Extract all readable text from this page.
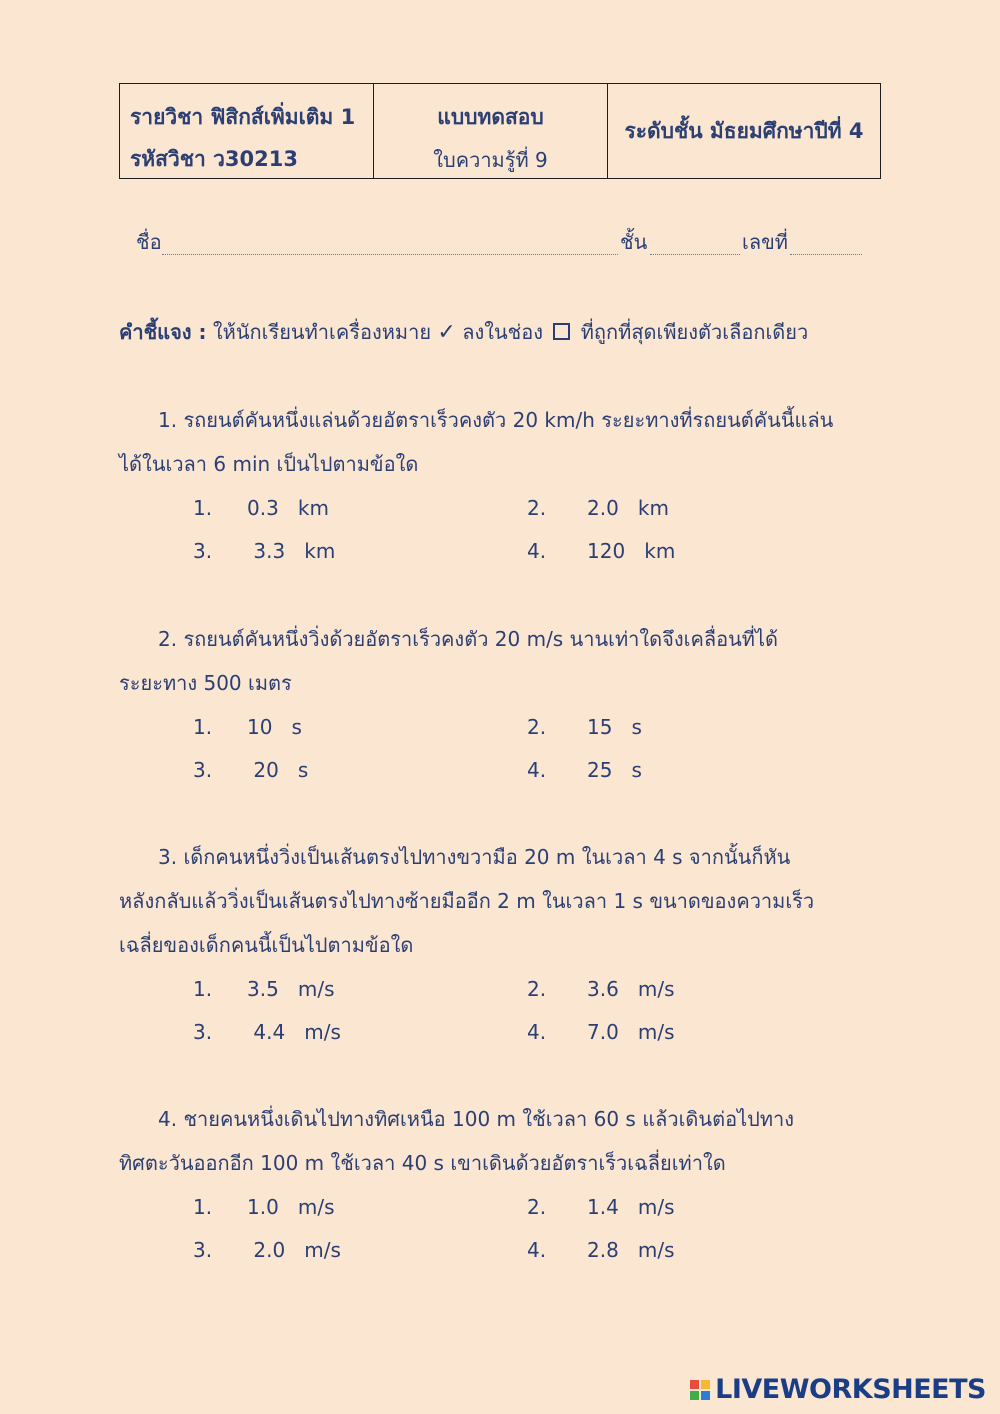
รายวิชา ฟิสิกส์เพิ่มเติม 1
รหัสวิชา ว30213
แบบทดสอบ
ใบความรู้ที่ 9
ระดับชั้น มัธยมศึกษาปีที่ 4
ชื่อ	ชั้น	เลขที่
คำชี้แจง : ให้นักเรียนทำเครื่องหมาย ✓ ลงในช่อง ที่ถูกที่สุดเพียงตัวเลือกเดียว
1. รถยนต์คันหนึ่งแล่นด้วยอัตราเร็วคงตัว 20 km/h ระยะทางที่รถยนต์คันนี้แล่น
ได้ในเวลา 6 min เป็นไปตามข้อใด
1. 0.3   km	2. 2.0   km
3. 3.3   km	4. 120   km
2. รถยนต์คันหนึ่งวิ่งด้วยอัตราเร็วคงตัว 20 m/s นานเท่าใดจึงเคลื่อนที่ได้
ระยะทาง 500 เมตร
1. 10   s	2. 15   s
3. 20   s	4. 25   s
3. เด็กคนหนึ่งวิ่งเป็นเส้นตรงไปทางขวามือ 20 m ในเวลา 4 s จากนั้นก็หัน
หลังกลับแล้ววิ่งเป็นเส้นตรงไปทางซ้ายมืออีก 2 m ในเวลา 1 s ขนาดของความเร็ว
เฉลี่ยของเด็กคนนี้เป็นไปตามข้อใด
1. 3.5   m/s	2. 3.6   m/s
3. 4.4   m/s	4. 7.0   m/s
4. ชายคนหนึ่งเดินไปทางทิศเหนือ 100 m ใช้เวลา 60 s แล้วเดินต่อไปทาง
ทิศตะวันออกอีก 100 m ใช้เวลา 40 s เขาเดินด้วยอัตราเร็วเฉลี่ยเท่าใด
1. 1.0   m/s	2. 1.4   m/s
3. 2.0   m/s	4. 2.8   m/s
LIVEWORKSHEETS
